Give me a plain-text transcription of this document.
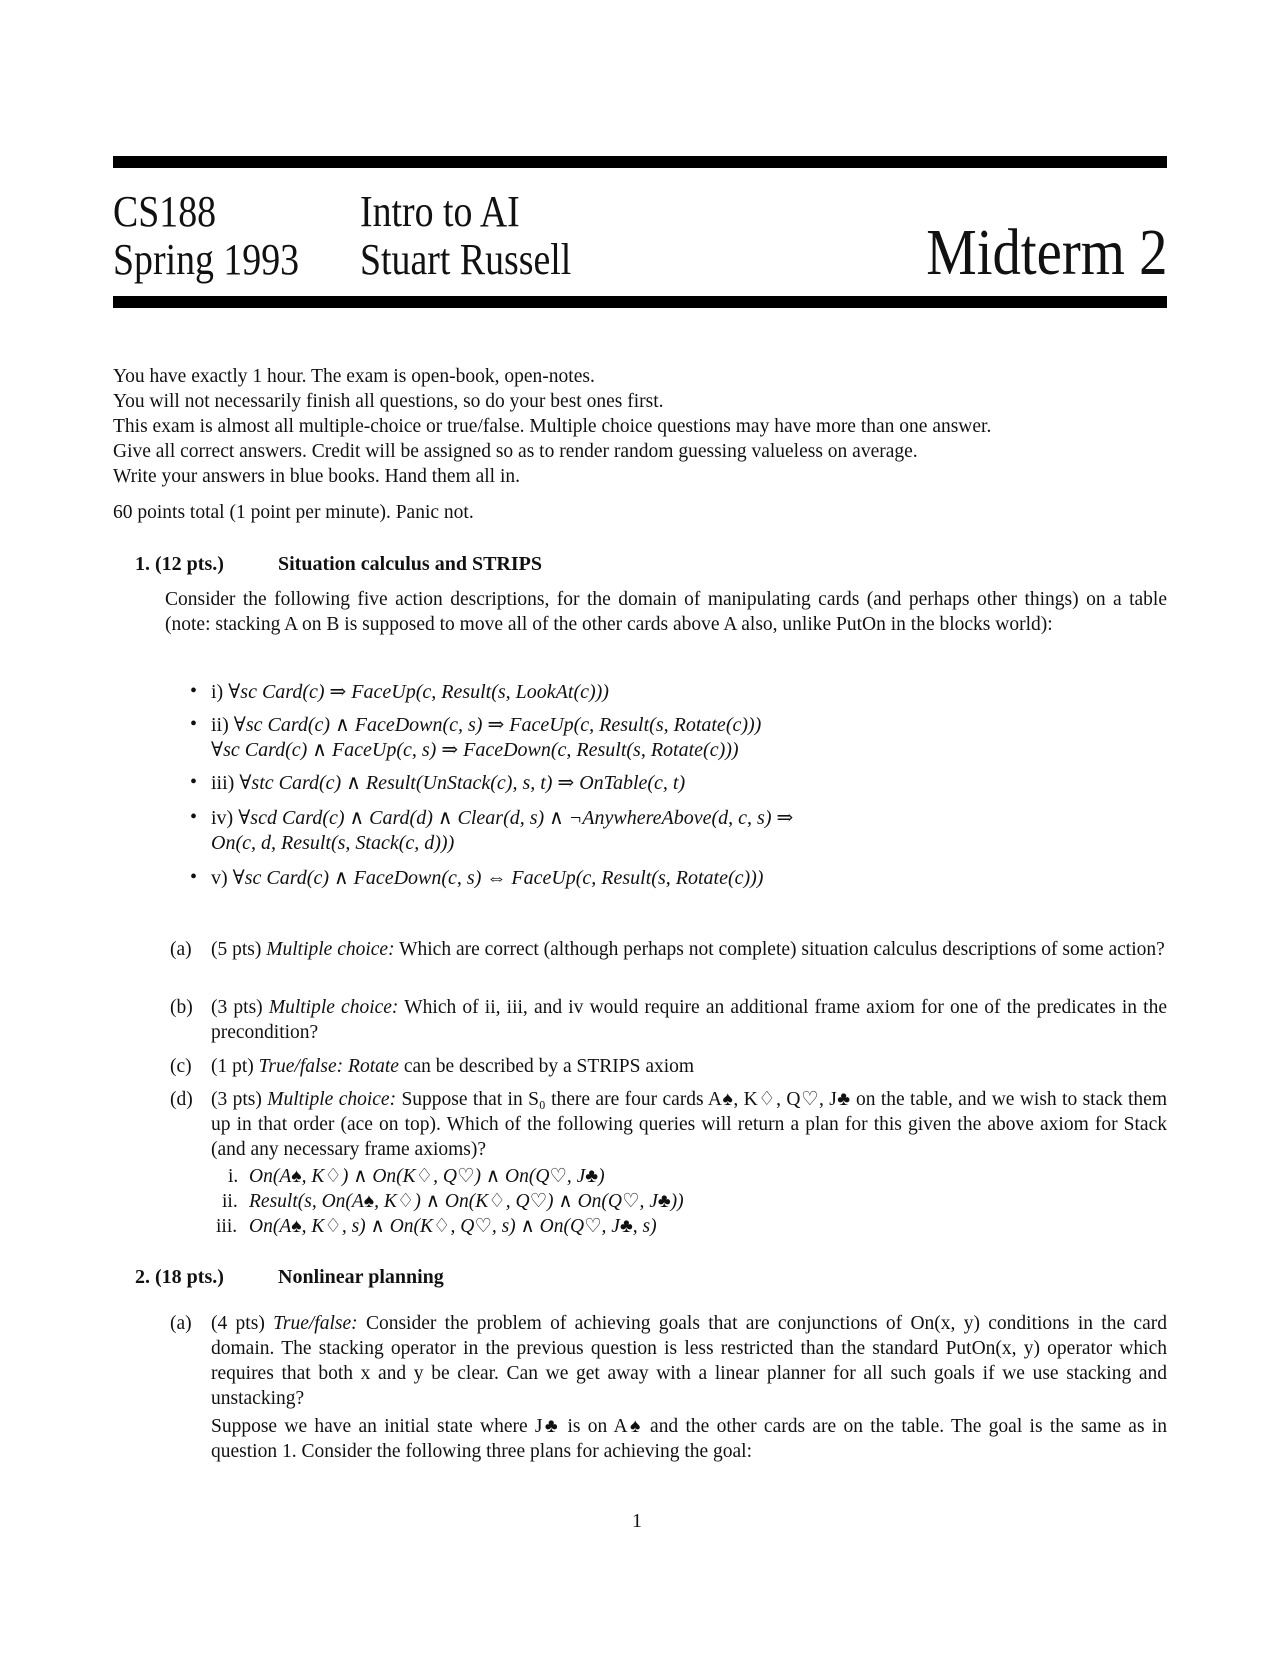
CS188
Spring 1993
Intro to AI
Stuart Russell	Midterm 2
You have exactly 1 hour. The exam is open-book, open-notes.
You will not necessarily finish all questions, so do your best ones first.
This exam is almost all multiple-choice or true/false. Multiple choice questions may have more than one answer.
Give all correct answers. Credit will be assigned so as to render random guessing valueless on average.
Write your answers in blue books. Hand them all in.
60 points total (1 point per minute). Panic not.
1. (12 pts.)	Situation calculus and STRIPS
Consider the following five action descriptions, for the domain of manipulating cards (and perhaps other things) on a table (note: stacking A on B is supposed to move all of the other cards above A also, unlike PutOn in the blocks world):
• i) ∀sc Card(c) ⇒ FaceUp(c, Result(s, LookAt(c)))
• ii) ∀sc Card(c) ∧ FaceDown(c, s) ⇒ FaceUp(c, Result(s, Rotate(c)))
∀sc Card(c) ∧ FaceUp(c, s) ⇒ FaceDown(c, Result(s, Rotate(c)))
• iii) ∀stc Card(c) ∧ Result(UnStack(c), s, t) ⇒ OnTable(c, t)
• iv) ∀scd Card(c) ∧ Card(d) ∧ Clear(d, s) ∧ ¬AnywhereAbove(d, c, s) ⇒
On(c, d, Result(s, Stack(c, d)))
• v) ∀sc Card(c) ∧ FaceDown(c, s) ⇔ FaceUp(c, Result(s, Rotate(c)))
(a) (5 pts) Multiple choice: Which are correct (although perhaps not complete) situation calculus descriptions of some action?
(b) (3 pts) Multiple choice: Which of ii, iii, and iv would require an additional frame axiom for one of the predicates in the precondition?
(c) (1 pt) True/false: Rotate can be described by a STRIPS axiom
(d) (3 pts) Multiple choice: Suppose that in S₀ there are four cards A♠, K♢, Q♡, J♣ on the table, and we wish to stack them up in that order (ace on top). Which of the following queries will return a plan for this given the above axiom for Stack (and any necessary frame axioms)?
i. On(A♠, K♢) ∧ On(K♢, Q♡) ∧ On(Q♡, J♣)
ii. Result(s, On(A♠, K♢) ∧ On(K♢, Q♡) ∧ On(Q♡, J♣))
iii. On(A♠, K♢, s) ∧ On(K♢, Q♡, s) ∧ On(Q♡, J♣, s)
2. (18 pts.)	Nonlinear planning
(a) (4 pts) True/false: Consider the problem of achieving goals that are conjunctions of On(x, y) conditions in the card domain. The stacking operator in the previous question is less restricted than the standard PutOn(x, y) operator which requires that both x and y be clear. Can we get away with a linear planner for all such goals if we use stacking and unstacking?
Suppose we have an initial state where J♣ is on A♠ and the other cards are on the table. The goal is the same as in question 1. Consider the following three plans for achieving the goal:
1
